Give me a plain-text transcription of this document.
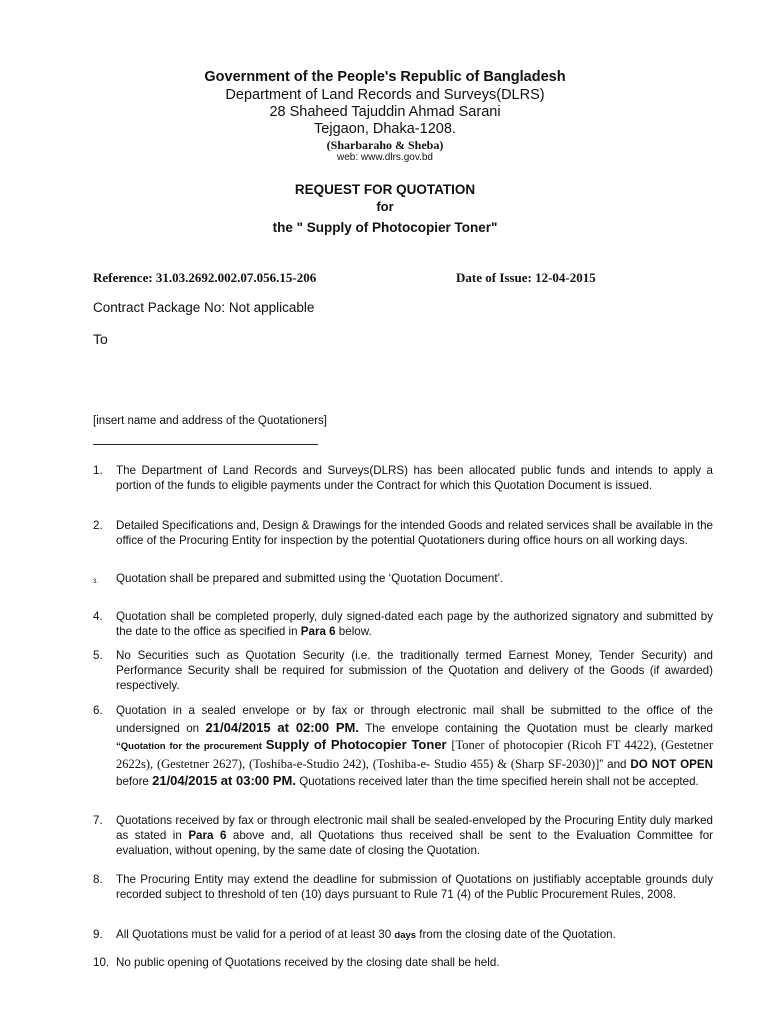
Government of the People's Republic of Bangladesh
Department of Land Records and Surveys(DLRS)
28 Shaheed Tajuddin Ahmad Sarani
Tejgaon, Dhaka-1208.
(Sharbaraho & Sheba)
web: www.dlrs.gov.bd
REQUEST FOR QUOTATION
for
the " Supply of Photocopier Toner"
Reference: 31.03.2692.002.07.056.15-206	Date of Issue: 12-04-2015
Contract Package No: Not applicable
To
[insert name and address of the Quotationers]
1. The Department of Land Records and Surveys(DLRS) has been allocated public funds and intends to apply a portion of the funds to eligible payments under the Contract for which this Quotation Document is issued.
2. Detailed Specifications and, Design & Drawings for the intended Goods and related services shall be available in the office of the Procuring Entity for inspection by the potential Quotationers during office hours on all working days.
3. Quotation shall be prepared and submitted using the ‘Quotation Document’.
4. Quotation shall be completed properly, duly signed-dated each page by the authorized signatory and submitted by the date to the office as specified in Para 6 below.
5. No Securities such as Quotation Security (i.e. the traditionally termed Earnest Money, Tender Security) and Performance Security shall be required for submission of the Quotation and delivery of the Goods (if awarded) respectively.
6. Quotation in a sealed envelope or by fax or through electronic mail shall be submitted to the office of the undersigned on 21/04/2015 at 02:00 PM. The envelope containing the Quotation must be clearly marked “Quotation for the procurement Supply of Photocopier Toner [Toner of photocopier (Ricoh FT 4422), (Gestetner 2622s), (Gestetner 2627), (Toshiba-e-Studio 242), (Toshiba-e- Studio 455) & (Sharp SF-2030)]” and DO NOT OPEN before 21/04/2015 at 03:00 PM. Quotations received later than the time specified herein shall not be accepted.
7. Quotations received by fax or through electronic mail shall be sealed-enveloped by the Procuring Entity duly marked as stated in Para 6 above and, all Quotations thus received shall be sent to the Evaluation Committee for evaluation, without opening, by the same date of closing the Quotation.
8. The Procuring Entity may extend the deadline for submission of Quotations on justifiably acceptable grounds duly recorded subject to threshold of ten (10) days pursuant to Rule 71 (4) of the Public Procurement Rules, 2008.
9. All Quotations must be valid for a period of at least 30 days from the closing date of the Quotation.
10. No public opening of Quotations received by the closing date shall be held.
